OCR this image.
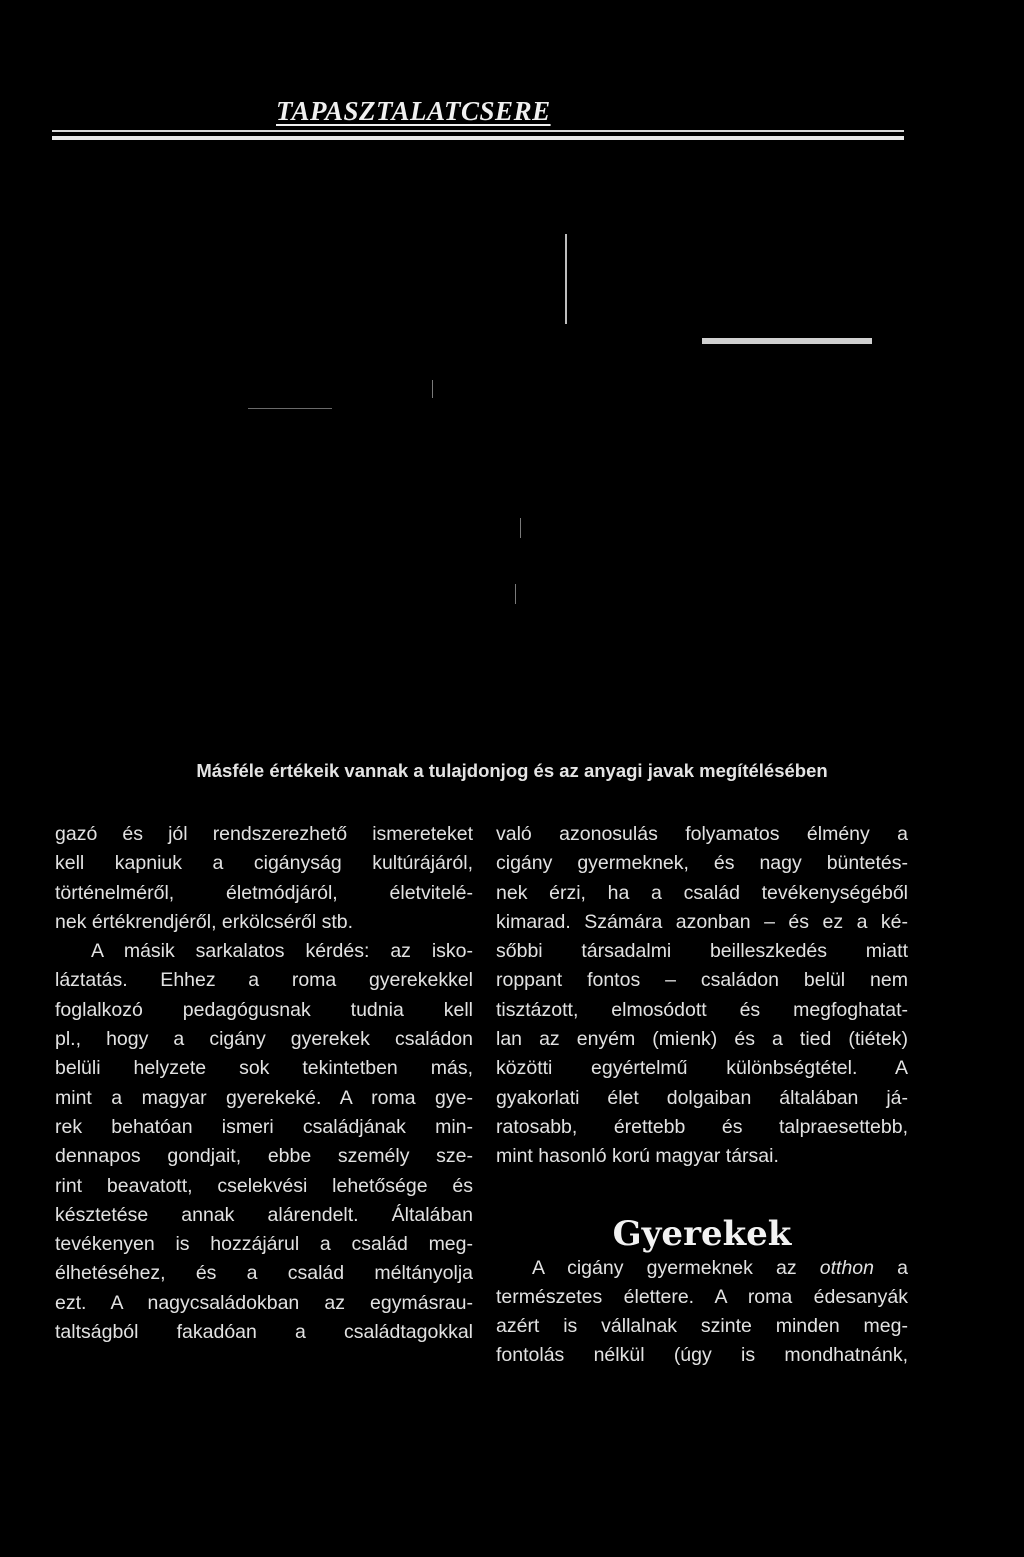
TAPASZTALATCSERE
Másféle értékeik vannak a tulajdonjog és az anyagi javak megítélésében
gazó és jól rendszerezhető ismereteket
kell kapniuk a cigányság kultúrájáról,
történelméről, életmódjáról, életvitelé-
nek értékrendjéről, erkölcséről stb.
A másik sarkalatos kérdés: az isko-
láztatás. Ehhez a roma gyerekekkel
foglalkozó pedagógusnak tudnia kell
pl., hogy a cigány gyerekek családon
belüli helyzete sok tekintetben más,
mint a magyar gyerekeké. A roma gye-
rek behatóan ismeri családjának min-
dennapos gondjait, ebbe személy sze-
rint beavatott, cselekvési lehetősége és
késztetése annak alárendelt. Általában
tevékenyen is hozzájárul a család meg-
élhetéséhez, és a család méltányolja
ezt. A nagycsaládokban az egymásrau-
taltságból fakadóan a családtagokkal
való azonosulás folyamatos élmény a
cigány gyermeknek, és nagy büntetés-
nek érzi, ha a család tevékenységéből
kimarad. Számára azonban – és ez a ké-
sőbbi társadalmi beilleszkedés miatt
roppant fontos – családon belül nem
tisztázott, elmosódott és megfoghatat-
lan az enyém (mienk) és a tied (tiétek)
közötti egyértelmű különbségtétel. A
gyakorlati élet dolgaiban általában já-
ratosabb, érettebb és talpraesettebb,
mint hasonló korú magyar társai.
Gyerekek
A cigány gyermeknek az otthon a
természetes élettere. A roma édesanyák
azért is vállalnak szinte minden meg-
fontolás nélkül (úgy is mondhatnánk,
